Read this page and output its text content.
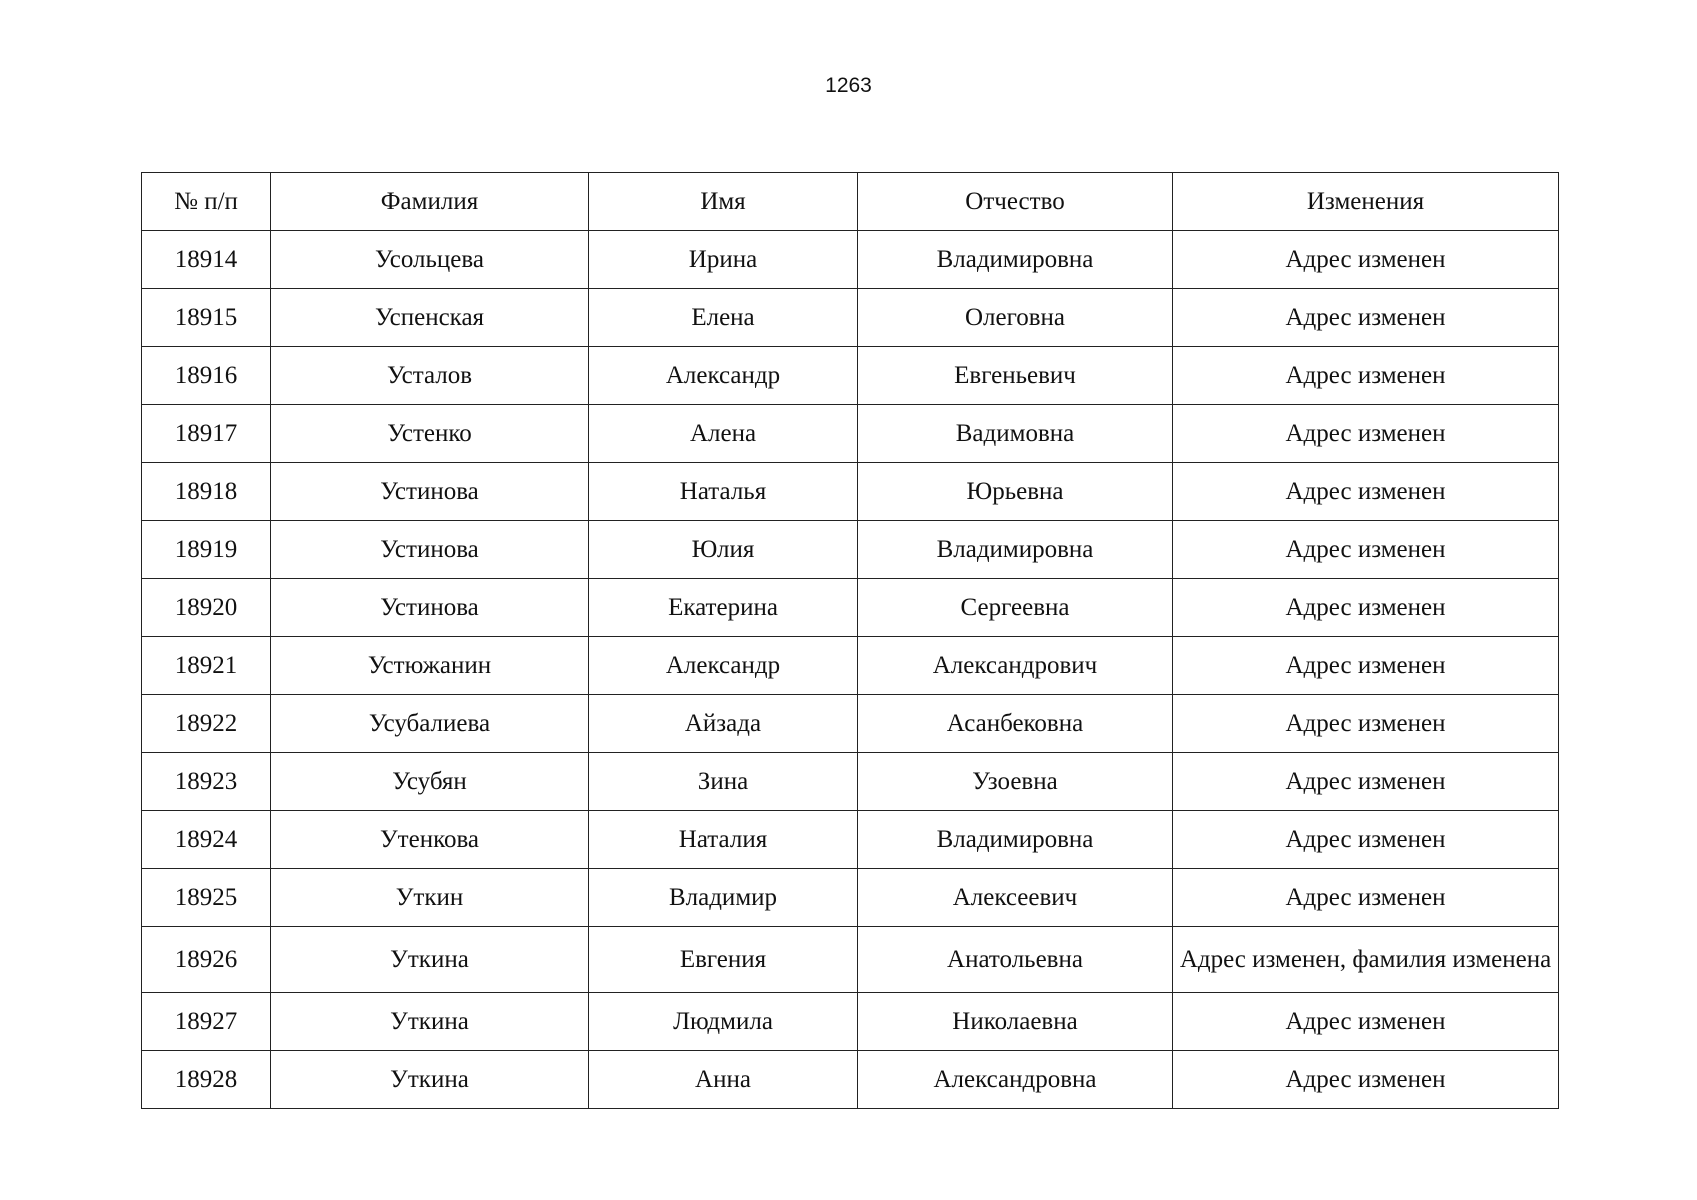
1263
№ п/п	Фамилия	Имя	Отчество	Изменения
18914	Усольцева	Ирина	Владимировна	Адрес изменен
18915	Успенская	Елена	Олеговна	Адрес изменен
18916	Усталов	Александр	Евгеньевич	Адрес изменен
18917	Устенко	Алена	Вадимовна	Адрес изменен
18918	Устинова	Наталья	Юрьевна	Адрес изменен
18919	Устинова	Юлия	Владимировна	Адрес изменен
18920	Устинова	Екатерина	Сергеевна	Адрес изменен
18921	Устюжанин	Александр	Александрович	Адрес изменен
18922	Усубалиева	Айзада	Асанбековна	Адрес изменен
18923	Усубян	Зина	Узоевна	Адрес изменен
18924	Утенкова	Наталия	Владимировна	Адрес изменен
18925	Уткин	Владимир	Алексеевич	Адрес изменен
18926	Уткина	Евгения	Анатольевна	Адрес изменен, фамилия изменена
18927	Уткина	Людмила	Николаевна	Адрес изменен
18928	Уткина	Анна	Александровна	Адрес изменен
